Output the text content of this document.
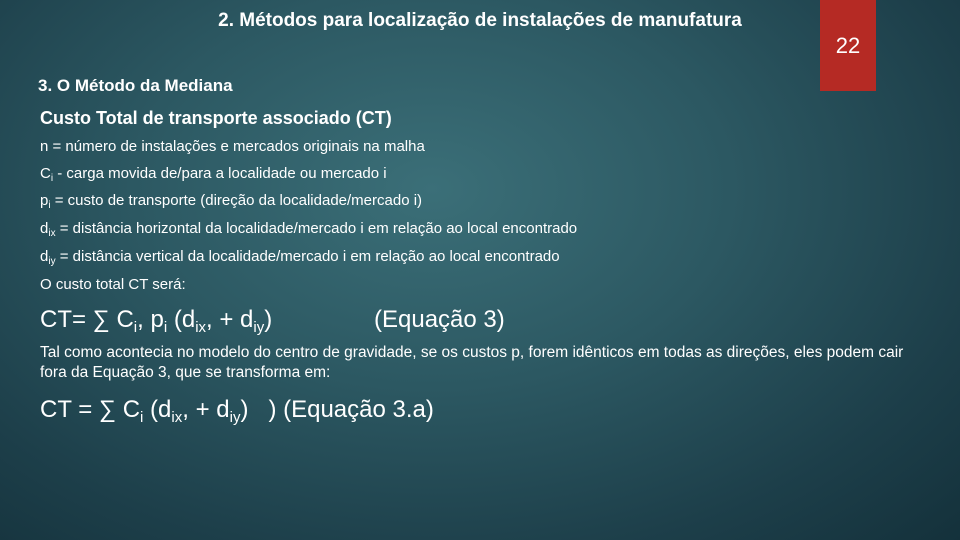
2. Métodos para localização de instalações de manufatura
22
3. O Método da Mediana
Custo Total de transporte associado (CT)
n = número de instalações e mercados originais na malha
$C_i$ - carga movida de/para a localidade ou mercado i
$p_i$ = custo de transporte (direção da localidade/mercado i)
$d_{ix}$ = distância horizontal da localidade/mercado i em relação ao local encontrado
$d_{iy}$ = distância vertical da localidade/mercado i em relação ao local encontrado
O custo total CT será:
CT= ∑ $C_i$, $p_i$ ($d_{ix}$, + $d_{iy}$)	(Equação 3)
Tal como acontecia no modelo do centro de gravidade, se os custos p, forem idênticos em todas as direções, eles podem cair fora da Equação 3, que se transforma em:
CT = ∑ $C_i$ ($d_{ix}$, + $d_{iy}$)   ) (Equação 3.a)
